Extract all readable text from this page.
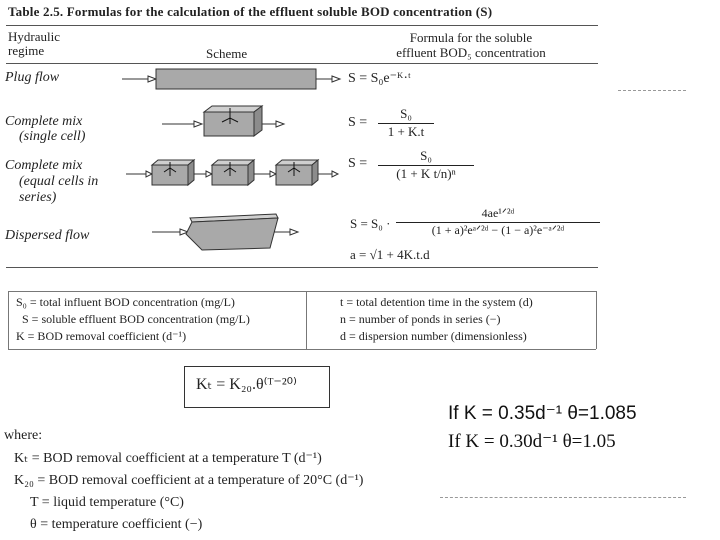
Table 2.5. Formulas for the calculation of the effluent soluble BOD concentration (S)
Hydraulic
regime	Scheme
Formula for the soluble
effluent BOD₅ concentration
Plug flow	S = S₀e⁻ᴷ·ᵗ
Complete mix
(single cell)
$S = \frac{\text{S₀}}{1 + K.t}$
Complete mix
(equal cells in
series)
$S = \frac{\text{S₀}}{\text{(1 + K t/n)ⁿ}}$
Dispersed flow
S = S₀ ·
4ae¹ᐟ²ᵈ
(1 + a)²eᵃᐟ²ᵈ − (1 − a)²e⁻ᵃᐟ²ᵈ
a = √1 + 4K.t.d
S₀ = total influent BOD concentration (mg/L)
S = soluble effluent BOD concentration (mg/L)
K = BOD removal coefficient (d⁻¹)
t = total detention time in the system (d)
n = number of ponds in series (−)
d = dispersion number (dimensionless)
Kₜ = K₂₀.θ⁽ᵀ⁻²⁰⁾
where:
Kₜ = BOD removal coefficient at a temperature T (d⁻¹)
K₂₀ = BOD removal coefficient at a temperature of 20°C (d⁻¹)
T = liquid temperature (°C)
θ = temperature coefficient (−)
If K = 0.35d⁻¹ θ=1.085
If K = 0.30d⁻¹ θ=1.05
